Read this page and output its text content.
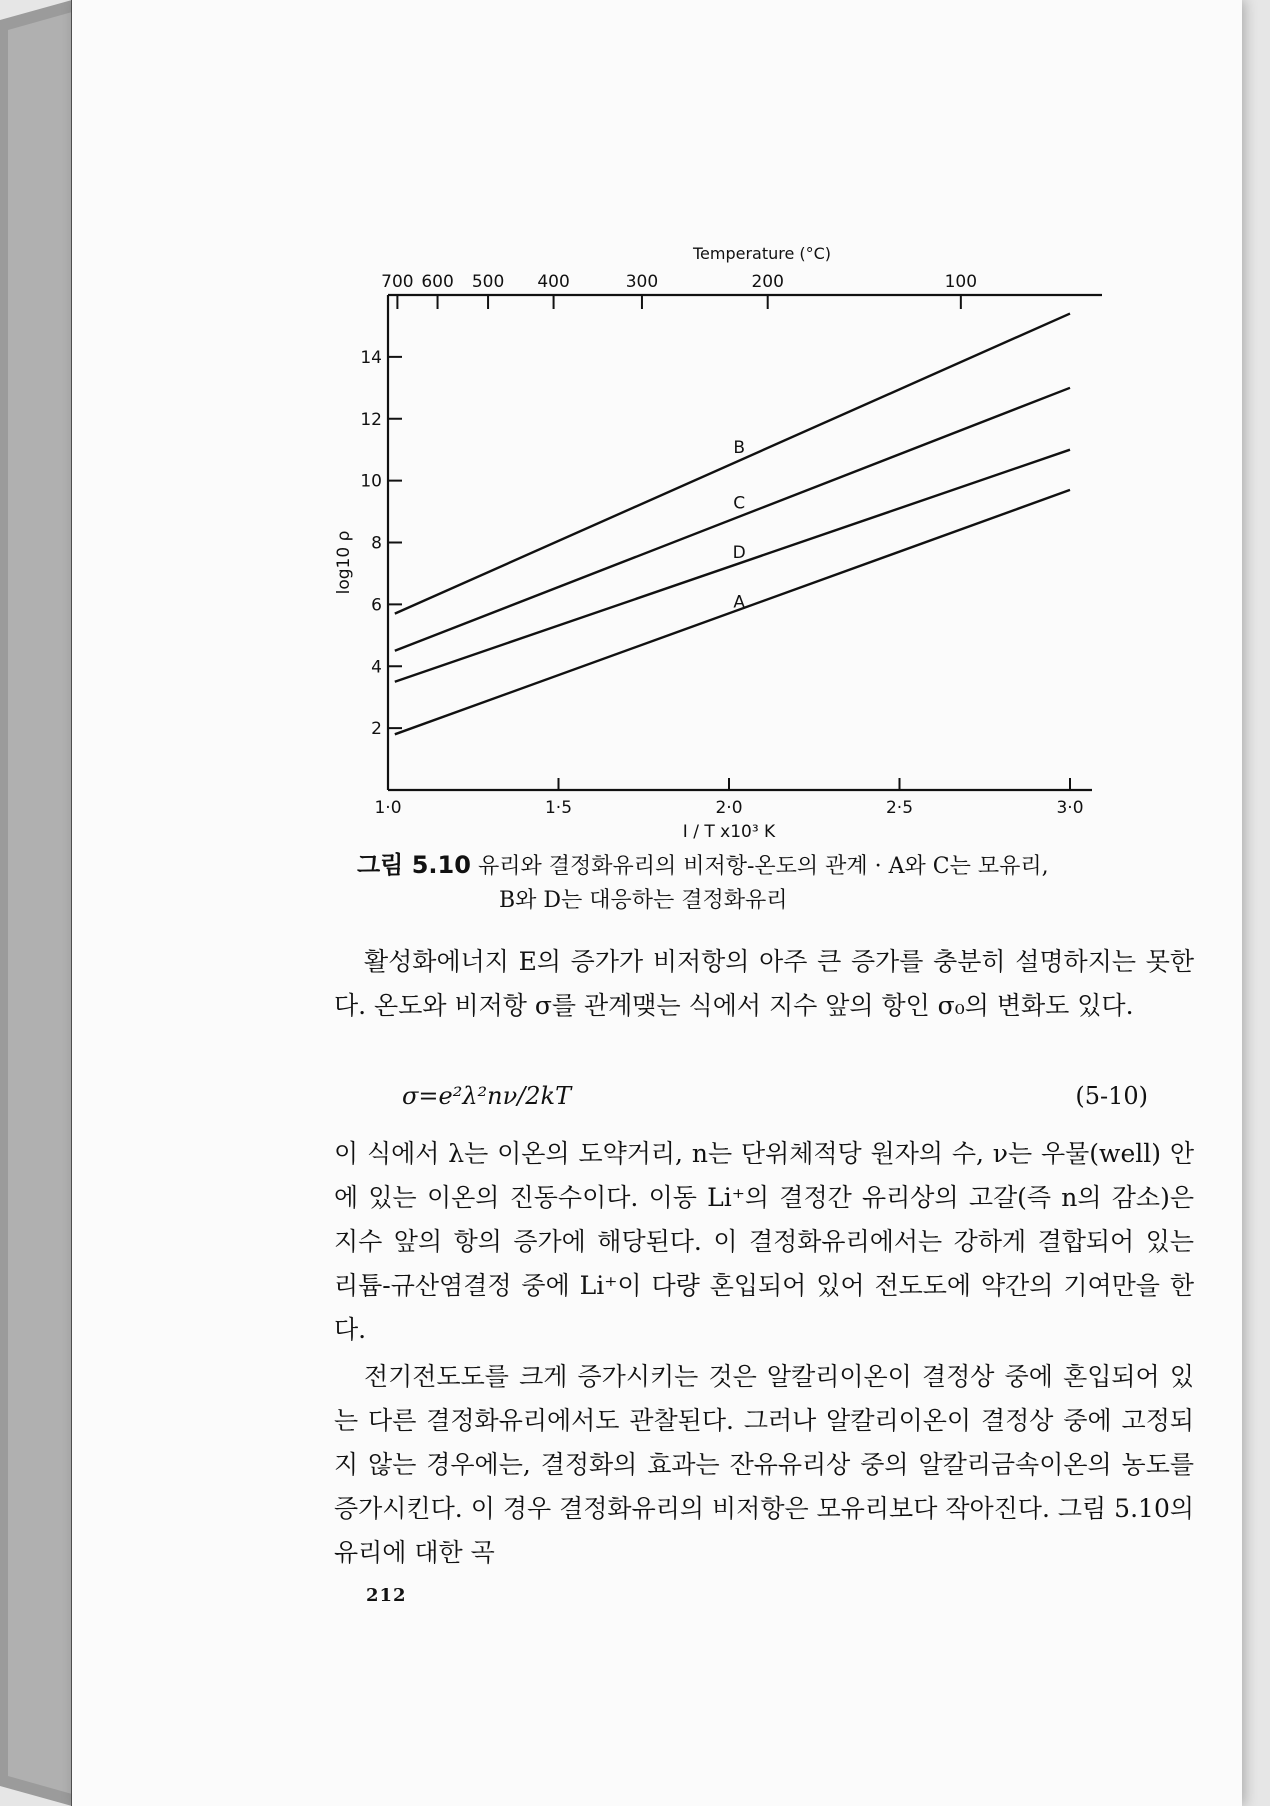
1·0	1·5	2·0	2·5	3·0
I / T x10³ K
2
4
6
8
10
12
14
log10 ρ
700 600 500 400	300	200	100
Temperature (°C)
B
C
D
A
그림 5.10 유리와 결정화유리의 비저항-온도의 관계 · A와 C는 모유리,
B와 D는 대응하는 결정화유리
활성화에너지 E의 증가가 비저항의 아주 큰 증가를 충분히 설명하지는 못한다. 온도와 비저항 σ를 관계맺는 식에서 지수 앞의 항인 σ₀의 변화도 있다.
σ=e²λ²nν/2kT	(5-10)
이 식에서 λ는 이온의 도약거리, n는 단위체적당 원자의 수, ν는 우물(well) 안에 있는 이온의 진동수이다. 이동 Li⁺의 결정간 유리상의 고갈(즉 n의 감소)은 지수 앞의 항의 증가에 해당된다. 이 결정화유리에서는 강하게 결합되어 있는 리튬-규산염결정 중에 Li⁺이 다량 혼입되어 있어 전도도에 약간의 기여만을 한다.
전기전도도를 크게 증가시키는 것은 알칼리이온이 결정상 중에 혼입되어 있는 다른 결정화유리에서도 관찰된다. 그러나 알칼리이온이 결정상 중에 고정되지 않는 경우에는, 결정화의 효과는 잔유유리상 중의 알칼리금속이온의 농도를 증가시킨다. 이 경우 결정화유리의 비저항은 모유리보다 작아진다. 그림 5.10의 유리에 대한 곡
212
